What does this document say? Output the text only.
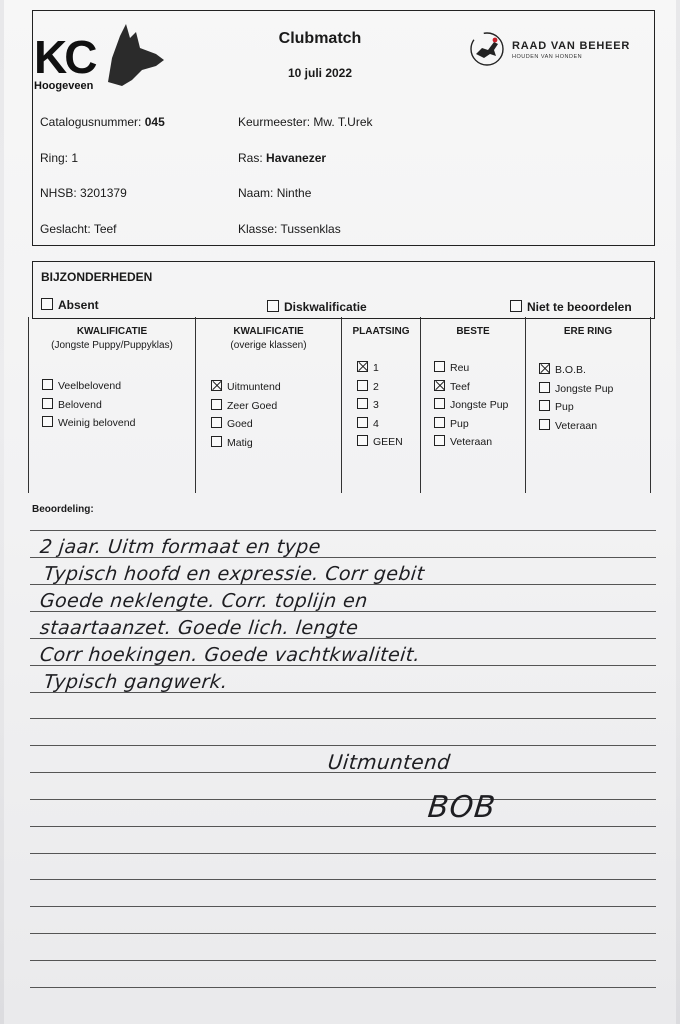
KC
Hoogeveen
Clubmatch
10 juli 2022
RAAD VAN BEHEER
HOUDEN VAN HONDEN
Catalogusnummer: 045
Ring: 1
NHSB: 3201379
Geslacht: Teef
Keurmeester: Mw. T.Urek
Ras: Havanezer
Naam: Ninthe
Klasse: Tussenklas
BIJZONDERHEDEN
Absent	Diskwalificatie	Niet te beoordelen
KWALIFICATIE
(Jongste Puppy/Puppyklas)
Veelbelovend
Belovend
Weinig belovend
KWALIFICATIE
(overige klassen)
Uitmuntend
Zeer Goed
Goed
Matig
PLAATSING
1
2
3
4
GEEN
BESTE
Reu
Teef
Jongste Pup
Pup
Veteraan
ERE RING
B.O.B.
Jongste Pup
Pup
Veteraan
Beoordeling:
2 jaar. Uitm formaat en type
Typisch hoofd en expressie. Corr gebit
Goede neklengte. Corr. toplijn en
staartaanzet. Goede lich. lengte
Corr hoekingen. Goede vachtkwaliteit.
Typisch gangwerk.
Uitmuntend
BOB
